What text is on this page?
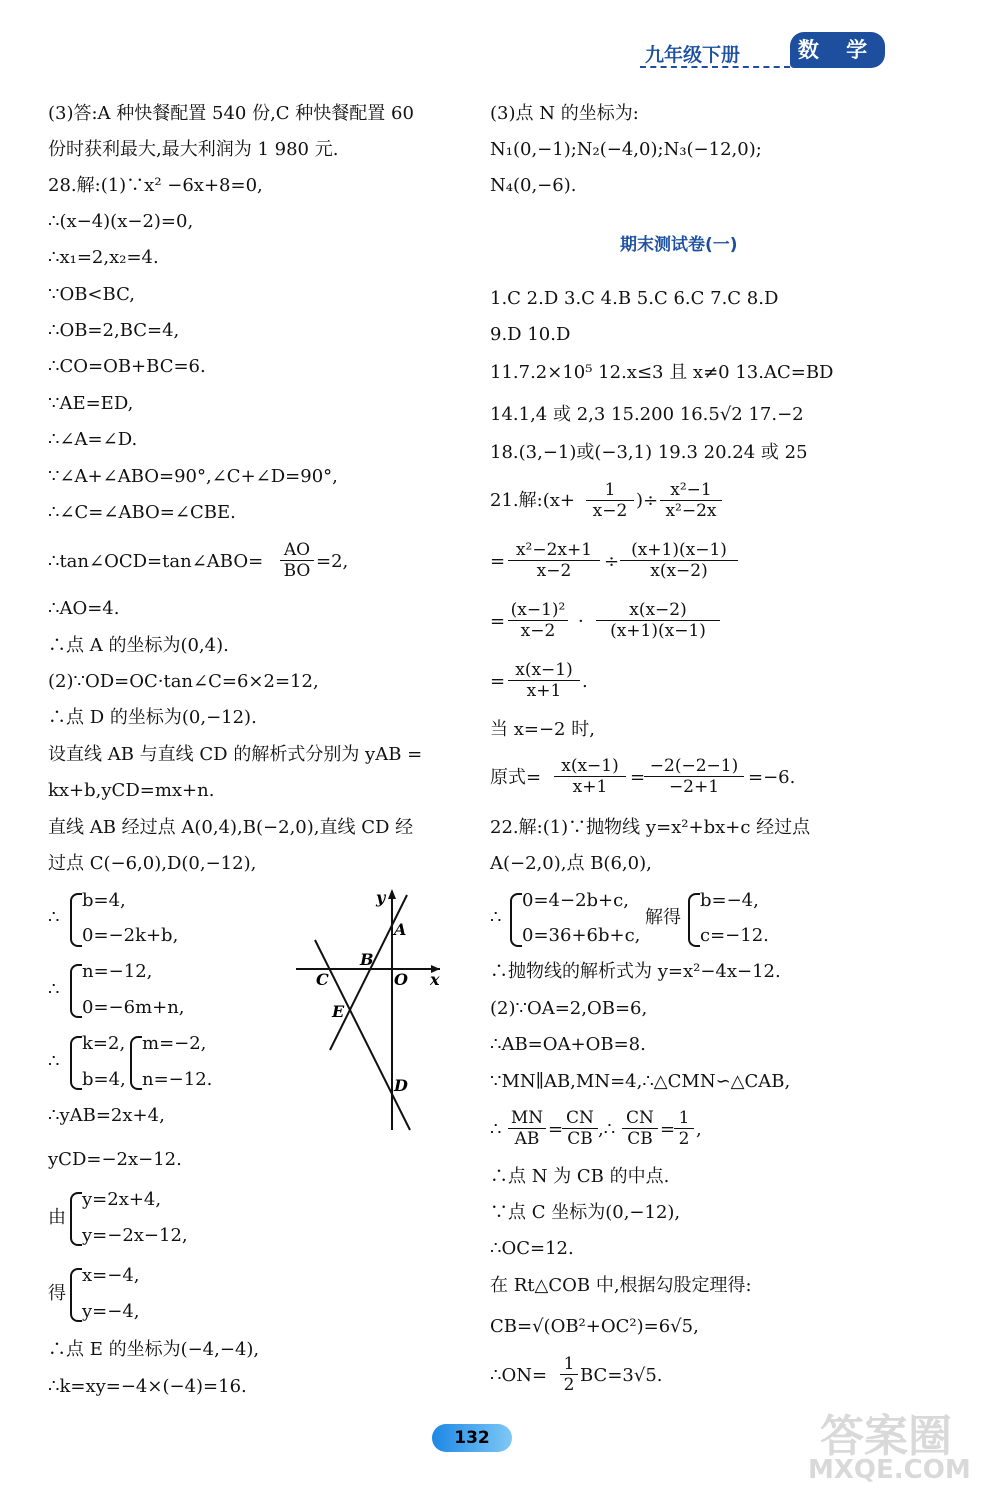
九年级下册	数 学
(3)答:A 种快餐配置 540 份,C 种快餐配置 60
份时获利最大,最大利润为 1 980 元.
28.解:(1)∵x² −6x+8=0,
∴(x−4)(x−2)=0,
∴x₁=2,x₂=4.
∵OB<BC,
∴OB=2,BC=4,
∴CO=OB+BC=6.
∵AE=ED,
∴∠A=∠D.
∵∠A+∠ABO=90°,∠C+∠D=90°,
∴∠C=∠ABO=∠CBE.
∴tan∠OCD=tan∠ABO= $\frac{AO}{BO} =2$,
∴AO=4.
∴点 A 的坐标为(0,4).
(2)∵OD=OC·tan∠C=6×2=12,
∴点 D 的坐标为(0,−12).
设直线 AB 与直线 CD 的解析式分别为 yAB =
kx+b,yCD=mx+n.
直线 AB 经过点 A(0,4),B(−2,0),直线 CD 经
过点 C(−6,0),D(0,−12),
∴
b=4,
0=−2k+b,
∴
n=−12,
0=−6m+n,
∴
k=2,
b=4,
m=−2,
n=−12.
∴yAB=2x+4,
yCD=−2x−12.
由
y=2x+4,
y=−2x−12,
得
x=−4,
y=−4,
∴点 E 的坐标为(−4,−4),
∴k=xy=−4×(−4)=16.
y
x
A
B
C	O
E
D
(3)点 N 的坐标为:
N₁(0,−1);N₂(−4,0);N₃(−12,0);
N₄(0,−6).
期末测试卷(一)
1.C 2.D 3.C 4.B 5.C 6.C 7.C 8.D
9.D 10.D
11.7.2×10⁵ 12.x≤3 且 x≠0 13.AC=BD
14.1,4 或 2,3 15.200 16.5√2 17.−2
18.(3,−1)或(−3,1) 19.3 20.24 或 25
21.解:(x+ $\frac{1}{x-2}$ )÷ $\frac{\text{x²−1}}{\text{x²−2x}}$
= $\frac{\text{x²−2x+1}}{x-2} \div \frac{(x+1)(x-1)}{x(x-2)}$
= $\frac{\text{(x−1)²}}{x-2} \cdot \frac{x(x-2)}{(x+1)(x-1)}$
= $\frac{x(x-1)}{x+1}$ .
当 x=−2 时,
原式= $\frac{x(x-1)}{x+1}$ =
$\frac{-2(-2-1)}{-2+1} =-6$.
22.解:(1)∵抛物线 y=x²+bx+c 经过点
A(−2,0),点 B(6,0),
∴
0=4−2b+c,
0=36+6b+c,
解得
b=−4,
c=−12.
∴抛物线的解析式为 y=x²−4x−12.
(2)∵OA=2,OB=6,
∴AB=OA+OB=8.
∵MN∥AB,MN=4,∴△CMN∽△CAB,
∴ $\frac{MN}{AB}$ =
$\frac{CN}{CB}$ ,∴ $\frac{CN}{CB}$ =
$\frac{1}{2}$ ,
∴点 N 为 CB 的中点.
∵点 C 坐标为(0,−12),
∴OC=12.
在 Rt△COB 中,根据勾股定理得:
CB=√(OB²+OC²)=6√5,
∴ON= $\frac{1}{2} BC=3√5$.
132	答案圈
MXQE.COM
